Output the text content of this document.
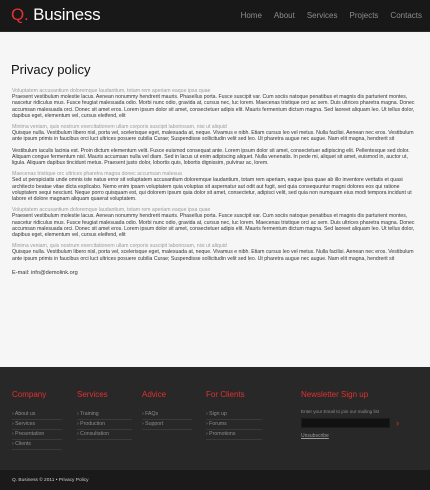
Q. Business	Home About Services Projects Contacts
Privacy policy
Voluptatem accusantium doloremque laudantium, totam rem aperiam eaque ipsa quae
Praesent vestibulum molestie lacus. Aenean nonummy hendrerit mauris. Phasellus porta. Fusce suscipit var. Cum sociis natoque penatibus et magnis dis parturient montes, nascetur ridiculus mus. Fusce feugiat malesuada odio. Morbi nunc odio, gravida at, cursus nec, luc lorem. Maecenas tristique orci ac sem. Duis ultrices pharetra magna. Donec accumsan malesuada orci. Donec sit amet eros. Lorem ipsum dolor sit amet, consectetuer adipis elit. Mauris fermentum dictum magna. Sed laoreet aliquam leo. Ut tellus dolor, dapibus eget, elementum vel, cursus eleifend, elit
Minima veniam, quis nostrum exercitationem ullam corporis suscipit laboriosam, nisi ut aliquid
Quisque nulla. Vestibulum libero nisl, porta vel, scelerisque eget, malesuada at, neque. Vivamus e nibh. Etiam cursus leo vel metus. Nulla facilisi. Aenean nec eros. Vestibulum ante ipsum primis in faucibus orci luct ultrices posuere cubilia Curae; Suspendisse sollicitudin velit sed leo. Ut pharetra augue nec augue. Nam elit magna, hendrerit sit
Vestibulum iaculis lacinia est. Proin dictum elementum velit. Fusce euismod consequat ante. Lorem ipsum dolor sit amet, consectetuer adipiscing elit. Pellentesque sed dolor. Aliquam congue fermentum nisl. Mauris accumsan nulla vel diam. Sed in lacus ut enim adipiscing aliquet. Nulla venenatis. In pede mi, aliquet sit amet, euismod in, auctor ut, ligula. Aliquam dapibus tincidunt metus. Praesent justo dolor, lobortis quis, lobortis dignissim, pulvinar ac, lorem.
Maecenas tristique orc ultrices pharetra magna donec accumsan malesua
Sed ut perspiciatis unde omnis iste natus error sit voluptatem accusantium doloremque laudantium, totam rem aperiam, eaque ipsa quae ab illo inventore veritatis et quasi architecto beatae vitae dicta explicabo. Nemo enim ipsam voluptatem quia voluptas sit aspernatur aut odit aut fugit, sed quia consequuntur magni dolores eos qui ratione voluptatem sequi nesciunt. Neque porro quisquam est, qui dolorem ipsum quia dolor sit amet, consectetur, adipisci velit, sed quia non numquam eius modi tempora incidunt ut labore et dolore magnam aliquam quaerat voluptatem.
Voluptatem accusantium doloremque laudantium, totam rem aperiam eaque ipsa quae
Praesent vestibulum molestie lacus. Aenean nonummy hendrerit mauris. Phasellus porta. Fusce suscipit var. Cum sociis natoque penatibus et magnis dis parturient montes, nascetur ridiculus mus. Fusce feugiat malesuada odio. Morbi nunc odio, gravida at, cursus nec, luc lorem. Maecenas tristique orci ac sem. Duis ultrices pharetra magna. Donec accumsan malesuada orci. Donec sit amet eros. Lorem ipsum dolor sit amet, consectetuer adipis elit. Mauris fermentum dictum magna. Sed laoreet aliquam leo. Ut tellus dolor, dapibus eget, elementum vel, cursus eleifend, elit
Minima veniam, quis nostrum exercitationem ullam corporis suscipit laboriosam, nisi ut aliquid
Quisque nulla. Vestibulum libero nisl, porta vel, scelerisque eget, malesuada at, neque. Vivamus e nibh. Etiam cursus leo vel metus. Nulla facilisi. Aenean nec eros. Vestibulum ante ipsum primis in faucibus orci luct ultrices posuere cubilia Curae; Suspendisse sollicitudin velit sed leo. Ut pharetra augue nec augue. Nam elit magna, hendrerit sit
E-mail: info@demolink.org
Company
› About us
› Services
› Presentation
› Clients
Services
› Training
› Production
› Consultation
Advice
› FAQs
› Support
For Clients
› Sign up
› Forums
› Promotions
Newsletter Sign up
Enter your Email to join our mailing list
›
Unsubscribe
Q. Business © 2011 • Privacy Policy
